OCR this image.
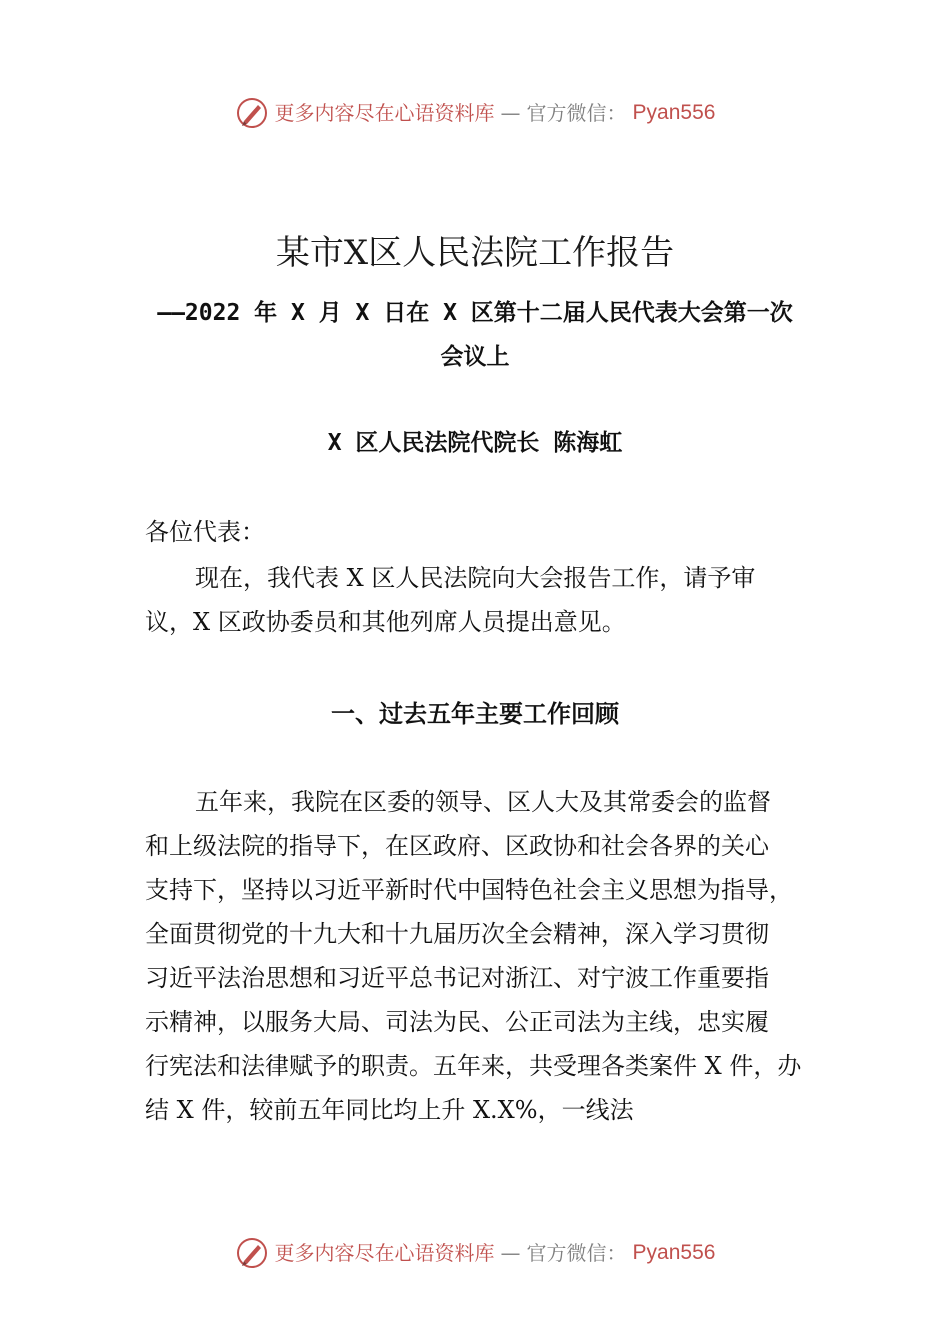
更多内容尽在心语资料库 — 官方微信： Pyan556
某市X区人民法院工作报告
——2022 年 X 月 X 日在 X 区第十二届人民代表大会第一次
会议上
X 区人民法院代院长 陈海虹
各位代表：
现在，我代表 X 区人民法院向大会报告工作，请予审
议，X 区政协委员和其他列席人员提出意见。
一、过去五年主要工作回顾
五年来，我院在区委的领导、区人大及其常委会的监督
和上级法院的指导下，在区政府、区政协和社会各界的关心
支持下，坚持以习近平新时代中国特色社会主义思想为指导，
全面贯彻党的十九大和十九届历次全会精神，深入学习贯彻
习近平法治思想和习近平总书记对浙江、对宁波工作重要指
示精神，以服务大局、司法为民、公正司法为主线，忠实履
行宪法和法律赋予的职责。五年来，共受理各类案件 X 件，办
结 X 件，较前五年同比均上升 X.X%，一线法
更多内容尽在心语资料库 — 官方微信： Pyan556
